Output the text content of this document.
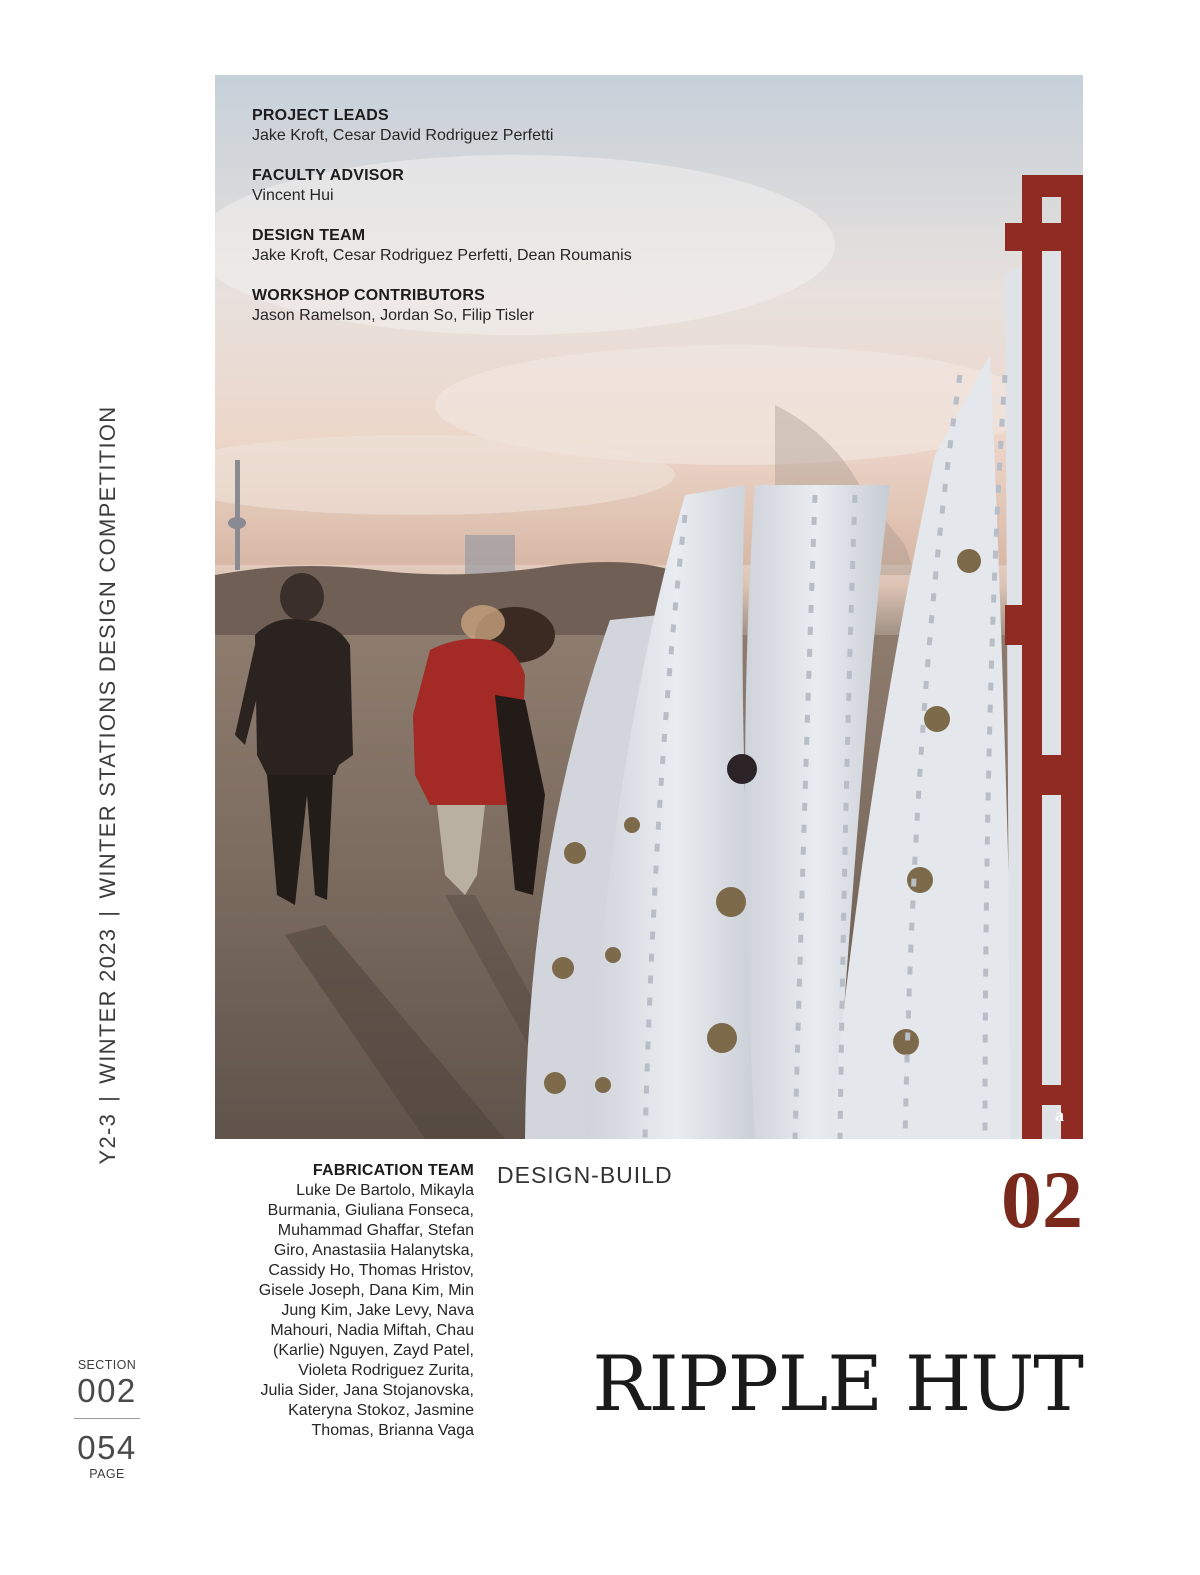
a
PROJECT LEADS
Jake Kroft, Cesar David Rodriguez Perfetti
FACULTY ADVISOR
Vincent Hui
DESIGN TEAM
Jake Kroft, Cesar Rodriguez Perfetti, Dean Roumanis
WORKSHOP CONTRIBUTORS
Jason Ramelson, Jordan So, Filip Tisler
Y2-3|WINTER 2023|WINTER STATIONS DESIGN COMPETITION
SECTION
002
054
PAGE
FABRICATION TEAM
Luke De Bartolo, Mikayla
Burmania, Giuliana Fonseca,
Muhammad Ghaffar, Stefan
Giro, Anastasiia Halanytska,
Cassidy Ho, Thomas Hristov,
Gisele Joseph, Dana Kim, Min
Jung Kim, Jake Levy, Nava
Mahouri, Nadia Miftah, Chau
(Karlie) Nguyen, Zayd Patel,
Violeta Rodriguez Zurita,
Julia Sider, Jana Stojanovska,
Kateryna Stokoz, Jasmine
Thomas, Brianna Vaga
DESIGN-BUILD	02
RIPPLE HUT
